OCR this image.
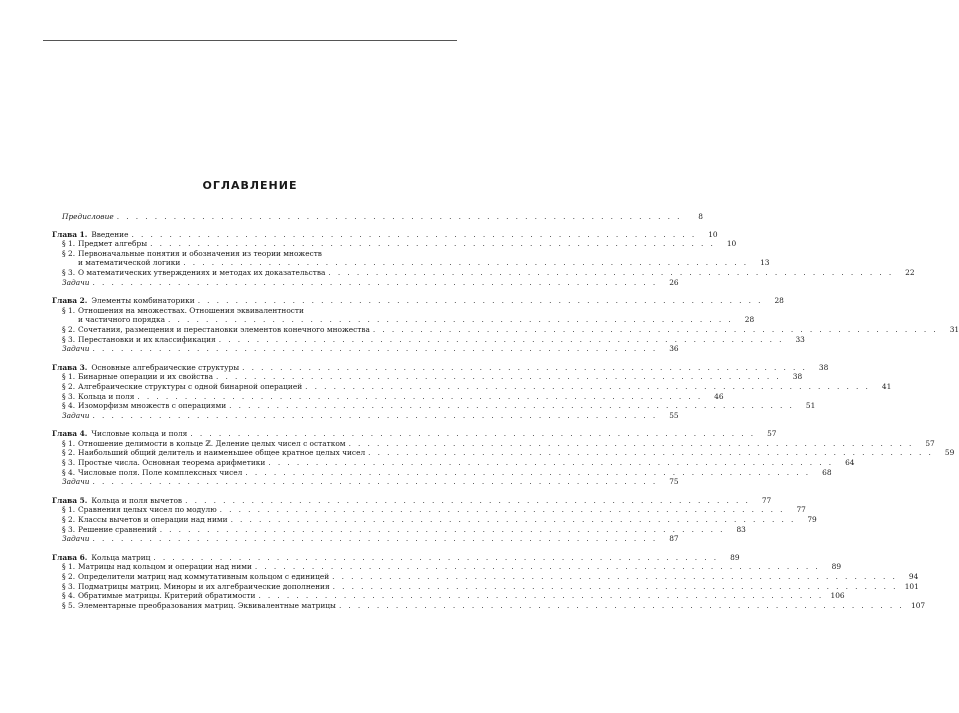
ОГЛАВЛЕНИЕ
Предисловие . . . . . . . . . . . . . . . . . . . . . . . . . . . . . . . . . . . . . . . . . . . . . . . . . . . . . . . . . . . .	8
Глава 1. Введение . . . . . . . . . . . . . . . . . . . . . . . . . . . . . . . . . . . . . . . . . . . . . . . . . . . . . . . . . . . .	10
§ 1. Предмет алгебры . . . . . . . . . . . . . . . . . . . . . . . . . . . . . . . . . . . . . . . . . . . . . . . . . . . . . . . . . . . .	10
§ 2. Первоначальные понятия и обозначения из теории множеств
и математической логики . . . . . . . . . . . . . . . . . . . . . . . . . . . . . . . . . . . . . . . . . . . . . . . . . . . . . . . . . . . .	13
§ 3. О математических утверждениях и методах их доказательства . . . . . . . . . . . . . . . . . . . . . . . . . . . . . . . . . . . . . . . . . . . . . . . . . . . . . . . . . . . .	22
Задачи . . . . . . . . . . . . . . . . . . . . . . . . . . . . . . . . . . . . . . . . . . . . . . . . . . . . . . . . . . . .	26
Глава 2. Элементы комбинаторики . . . . . . . . . . . . . . . . . . . . . . . . . . . . . . . . . . . . . . . . . . . . . . . . . . . . . . . . . . . .	28
§ 1. Отношения на множествах. Отношения эквивалентности
и частичного порядка . . . . . . . . . . . . . . . . . . . . . . . . . . . . . . . . . . . . . . . . . . . . . . . . . . . . . . . . . . . .	28
§ 2. Сочетания, размещения и перестановки элементов конечного множества . . . . . . . . . . . . . . . . . . . . . . . . . . . . . . . . . . . . . . . . . . . . . . . . . . . . . . . . . . . .	31
§ 3. Перестановки и их классификация . . . . . . . . . . . . . . . . . . . . . . . . . . . . . . . . . . . . . . . . . . . . . . . . . . . . . . . . . . . .	33
Задачи . . . . . . . . . . . . . . . . . . . . . . . . . . . . . . . . . . . . . . . . . . . . . . . . . . . . . . . . . . . .	36
Глава 3. Основные алгебраические структуры . . . . . . . . . . . . . . . . . . . . . . . . . . . . . . . . . . . . . . . . . . . . . . . . . . . . . . . . . . . .	38
§ 1. Бинарные операции и их свойства . . . . . . . . . . . . . . . . . . . . . . . . . . . . . . . . . . . . . . . . . . . . . . . . . . . . . . . . . . . .	38
§ 2. Алгебраические структуры с одной бинарной операцией . . . . . . . . . . . . . . . . . . . . . . . . . . . . . . . . . . . . . . . . . . . . . . . . . . . . . . . . . . . .	41
§ 3. Кольца и поля . . . . . . . . . . . . . . . . . . . . . . . . . . . . . . . . . . . . . . . . . . . . . . . . . . . . . . . . . . . .	46
§ 4. Изоморфизм множеств с операциями . . . . . . . . . . . . . . . . . . . . . . . . . . . . . . . . . . . . . . . . . . . . . . . . . . . . . . . . . . . .	51
Задачи . . . . . . . . . . . . . . . . . . . . . . . . . . . . . . . . . . . . . . . . . . . . . . . . . . . . . . . . . . . .	55
Глава 4. Числовые кольца и поля . . . . . . . . . . . . . . . . . . . . . . . . . . . . . . . . . . . . . . . . . . . . . . . . . . . . . . . . . . . .	57
§ 1. Отношение делимости в кольце ℤ. Деление целых чисел с остатком . . . . . . . . . . . . . . . . . . . . . . . . . . . . . . . . . . . . . . . . . . . . . . . . . . . . . . . . . . . .	57
§ 2. Наибольший общий делитель и наименьшее общее кратное целых чисел . . . . . . . . . . . . . . . . . . . . . . . . . . . . . . . . . . . . . . . . . . . . . . . . . . . . . . . . . . . .	59
§ 3. Простые числа. Основная теорема арифметики . . . . . . . . . . . . . . . . . . . . . . . . . . . . . . . . . . . . . . . . . . . . . . . . . . . . . . . . . . . .	64
§ 4. Числовые поля. Поле комплексных чисел . . . . . . . . . . . . . . . . . . . . . . . . . . . . . . . . . . . . . . . . . . . . . . . . . . . . . . . . . . . .	68
Задачи . . . . . . . . . . . . . . . . . . . . . . . . . . . . . . . . . . . . . . . . . . . . . . . . . . . . . . . . . . . .	75
Глава 5. Кольца и поля вычетов . . . . . . . . . . . . . . . . . . . . . . . . . . . . . . . . . . . . . . . . . . . . . . . . . . . . . . . . . . . .	77
§ 1. Сравнения целых чисел по модулю . . . . . . . . . . . . . . . . . . . . . . . . . . . . . . . . . . . . . . . . . . . . . . . . . . . . . . . . . . . .	77
§ 2. Классы вычетов и операции над ними . . . . . . . . . . . . . . . . . . . . . . . . . . . . . . . . . . . . . . . . . . . . . . . . . . . . . . . . . . . .	79
§ 3. Решение сравнений . . . . . . . . . . . . . . . . . . . . . . . . . . . . . . . . . . . . . . . . . . . . . . . . . . . . . . . . . . . .	83
Задачи . . . . . . . . . . . . . . . . . . . . . . . . . . . . . . . . . . . . . . . . . . . . . . . . . . . . . . . . . . . .	87
Глава 6. Кольца матриц . . . . . . . . . . . . . . . . . . . . . . . . . . . . . . . . . . . . . . . . . . . . . . . . . . . . . . . . . . . .	89
§ 1. Матрицы над кольцом и операции над ними . . . . . . . . . . . . . . . . . . . . . . . . . . . . . . . . . . . . . . . . . . . . . . . . . . . . . . . . . . . .	89
§ 2. Определители матриц над коммутативным кольцом с единицей . . . . . . . . . . . . . . . . . . . . . . . . . . . . . . . . . . . . . . . . . . . . . . . . . . . . . . . . . . . .	94
§ 3. Подматрицы матриц. Миноры и их алгебраические дополнения . . . . . . . . . . . . . . . . . . . . . . . . . . . . . . . . . . . . . . . . . . . . . . . . . . . . . . . . . . . . 101
§ 4. Обратимые матрицы. Критерий обратимости . . . . . . . . . . . . . . . . . . . . . . . . . . . . . . . . . . . . . . . . . . . . . . . . . . . . . . . . . . . . 106
§ 5. Элементарные преобразования матриц. Эквивалентные матрицы . . . . . . . . . . . . . . . . . . . . . . . . . . . . . . . . . . . . . . . . . . . . . . . . . . . . . . . . . . . . 107
